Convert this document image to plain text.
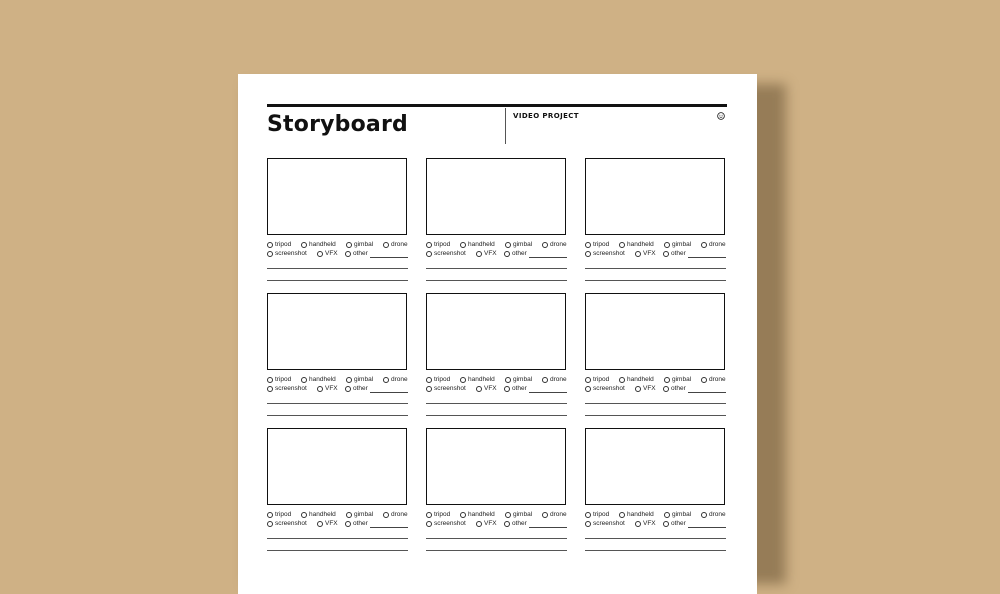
Storyboard	VIDEO PROJECT
tripod	handheld	gimbal	drone
screenshot	VFX other
tripod	handheld	gimbal	drone
screenshot	VFX other
tripod	handheld	gimbal	drone
screenshot	VFX other
tripod	handheld	gimbal	drone
screenshot	VFX other
tripod	handheld	gimbal	drone
screenshot	VFX other
tripod	handheld	gimbal	drone
screenshot	VFX other
tripod	handheld	gimbal	drone
screenshot	VFX other
tripod	handheld	gimbal	drone
screenshot	VFX other
tripod	handheld	gimbal	drone
screenshot	VFX other
